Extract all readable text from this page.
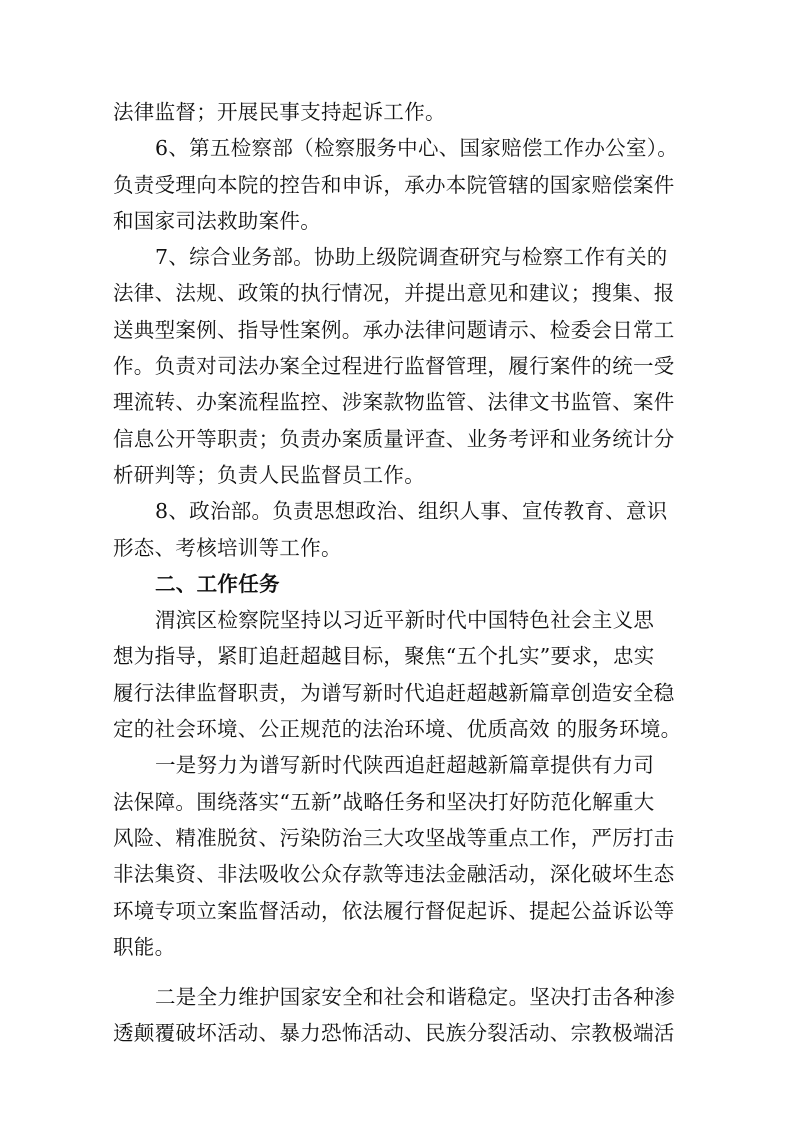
法律监督；开展民事支持起诉工作。
6、第五检察部（检察服务中心、国家赔偿工作办公室）。
负责受理向本院的控告和申诉，承办本院管辖的国家赔偿案件
和国家司法救助案件。
7、综合业务部。协助上级院调查研究与检察工作有关的
法律、法规、政策的执行情况，并提出意见和建议；搜集、报
送典型案例、指导性案例。承办法律问题请示、检委会日常工
作。负责对司法办案全过程进行监督管理，履行案件的统一受
理流转、办案流程监控、涉案款物监管、法律文书监管、案件
信息公开等职责；负责办案质量评查、业务考评和业务统计分
析研判等；负责人民监督员工作。
8、政治部。负责思想政治、组织人事、宣传教育、意识
形态、考核培训等工作。
二、工作任务
渭滨区检察院坚持以习近平新时代中国特色社会主义思
想为指导，紧盯追赶超越目标，聚焦“五个扎实”要求，忠实
履行法律监督职责，为谱写新时代追赶超越新篇章创造安全稳
定的社会环境、公正规范的法治环境、优质高效 的服务环境。
一是努力为谱写新时代陕西追赶超越新篇章提供有力司
法保障。围绕落实“五新”战略任务和坚决打好防范化解重大
风险、精准脱贫、污染防治三大攻坚战等重点工作，严厉打击
非法集资、非法吸收公众存款等违法金融活动，深化破坏生态
环境专项立案监督活动，依法履行督促起诉、提起公益诉讼等
职能。
二是全力维护国家安全和社会和谐稳定。坚决打击各种渗
透颠覆破坏活动、暴力恐怖活动、民族分裂活动、宗教极端活
